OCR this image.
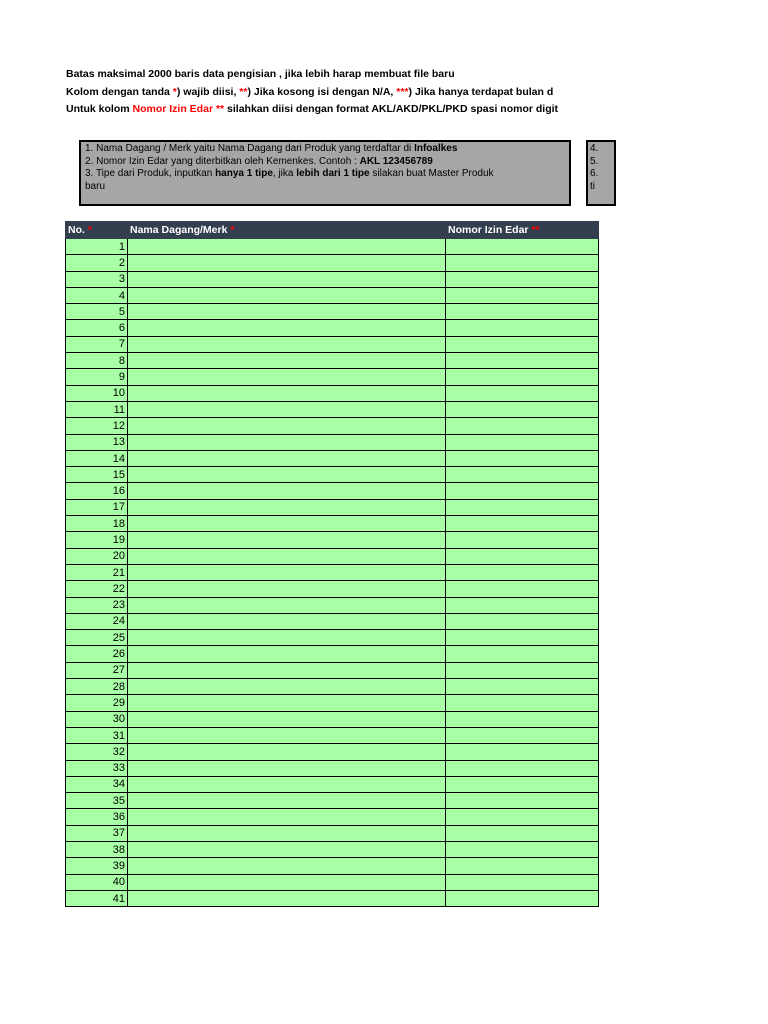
Batas maksimal 2000 baris data pengisian , jika lebih harap membuat file baru
Kolom dengan tanda *) wajib diisi, **) Jika kosong isi dengan N/A, ***) Jika hanya terdapat bulan d
Untuk kolom Nomor Izin Edar ** silahkan diisi dengan format AKL/AKD/PKL/PKD spasi nomor digit
1. Nama Dagang / Merk yaitu Nama Dagang dari Produk yang terdaftar di Infoalkes
2. Nomor Izin Edar yang diterbitkan oleh Kemenkes. Contoh : AKL 123456789
3. Tipe dari Produk, inputkan hanya 1 tipe, jika lebih dari 1 tipe silakan buat Master Produk
baru
4.
5.
6.
ti
No. *	Nama Dagang/Merk *	Nomor Izin Edar **
1		
2		
3		
4		
5		
6		
7		
8		
9		
10		
11		
12		
13		
14		
15		
16		
17		
18		
19		
20		
21		
22		
23		
24		
25		
26		
27		
28		
29		
30		
31		
32		
33		
34		
35		
36		
37		
38		
39		
40		
41		
